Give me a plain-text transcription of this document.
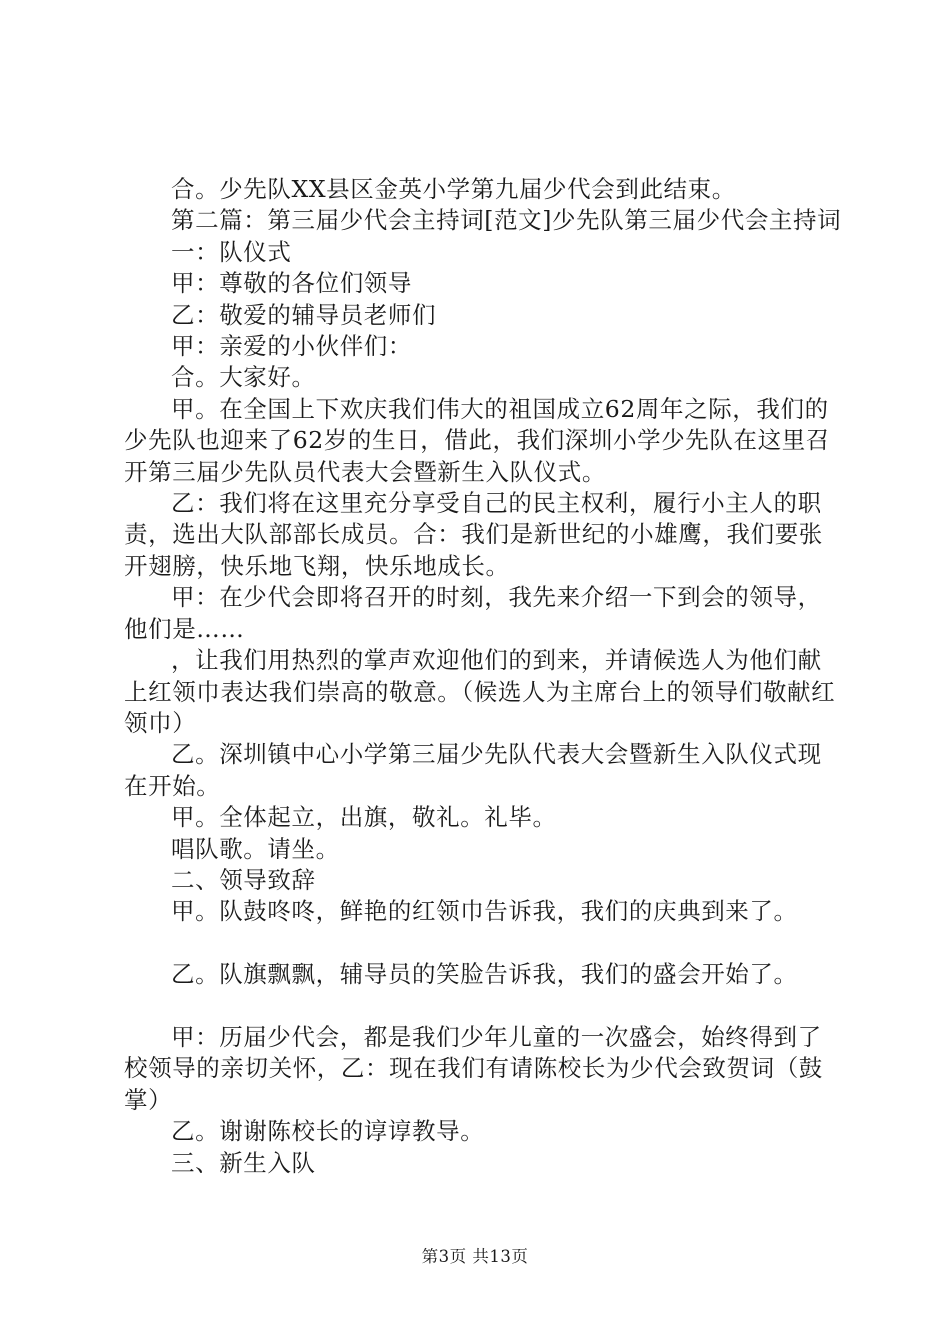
合。少先队XX县区金英小学第九届少代会到此结束。

第二篇：第三届少代会主持词[范文]少先队第三届少代会主持词

一：队仪式

甲：尊敬的各位们领导

乙：敬爱的辅导员老师们

甲：亲爱的小伙伴们：

合。大家好。

甲。在全国上下欢庆我们伟大的祖国成立62周年之际，我们的少先队也迎来了62岁的生日，借此，我们深圳小学少先队在这里召开第三届少先队员代表大会暨新生入队仪式。

乙：我们将在这里充分享受自己的民主权利，履行小主人的职责，选出大队部部长成员。合：我们是新世纪的小雄鹰，我们要张开翅膀，快乐地飞翔，快乐地成长。

甲：在少代会即将召开的时刻，我先来介绍一下到会的领导，他们是……

，让我们用热烈的掌声欢迎他们的到来，并请候选人为他们献上红领巾表达我们崇高的敬意。（候选人为主席台上的领导们敬献红领巾）

乙。深圳镇中心小学第三届少先队代表大会暨新生入队仪式现在开始。

甲。全体起立，出旗，敬礼。礼毕。

唱队歌。请坐。

二、领导致辞

甲。队鼓咚咚，鲜艳的红领巾告诉我，我们的庆典到来了。

乙。队旗飘飘，辅导员的笑脸告诉我，我们的盛会开始了。

甲：历届少代会，都是我们少年儿童的一次盛会，始终得到了校领导的亲切关怀，乙：现在我们有请陈校长为少代会致贺词（鼓掌）

乙。谢谢陈校长的谆谆教导。

三、新生入队

第3页 共13页
